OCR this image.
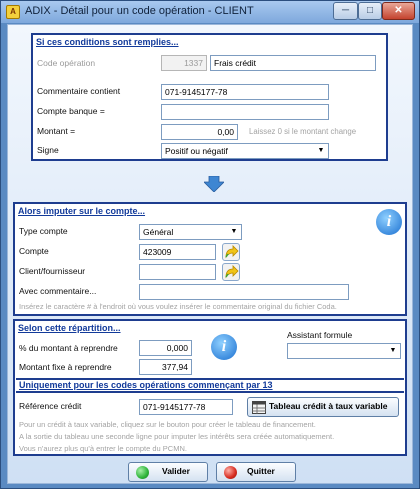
A ADIX - Détail pour un code opération - CLIENT	─	□	✕
Si ces conditions sont remplies...
Code opération	1337	Frais crédit
Commentaire contient	071-9145177-78
Compte banque =
Montant =	0,00	Laissez 0 si le montant change
Signe	Positif ou négatif	▼
Alors imputer sur le compte...
i
Type compte	Général	▼
Compte	423009
Client/fournisseur
Avec commentaire...
Insérez le caractère # à l'endroit où vous voulez insérer le commentaire original du fichier Coda.
Selon cette répartition...
i
% du montant à reprendre	0,000
Montant fixe à reprendre	377,94
Assistant formule
▼
Uniquement pour les codes opérations commençant par 13
Référence crédit	071-9145177-78	Tableau crédit à taux variable
Pour un crédit à taux variable, cliquez sur le bouton pour créer le tableau de financement.
A la sortie du tableau une seconde ligne pour imputer les intérêts sera créée automatiquement.
Vous n'aurez plus qu'à entrer le compte du PCMN.
Valider	Quitter
